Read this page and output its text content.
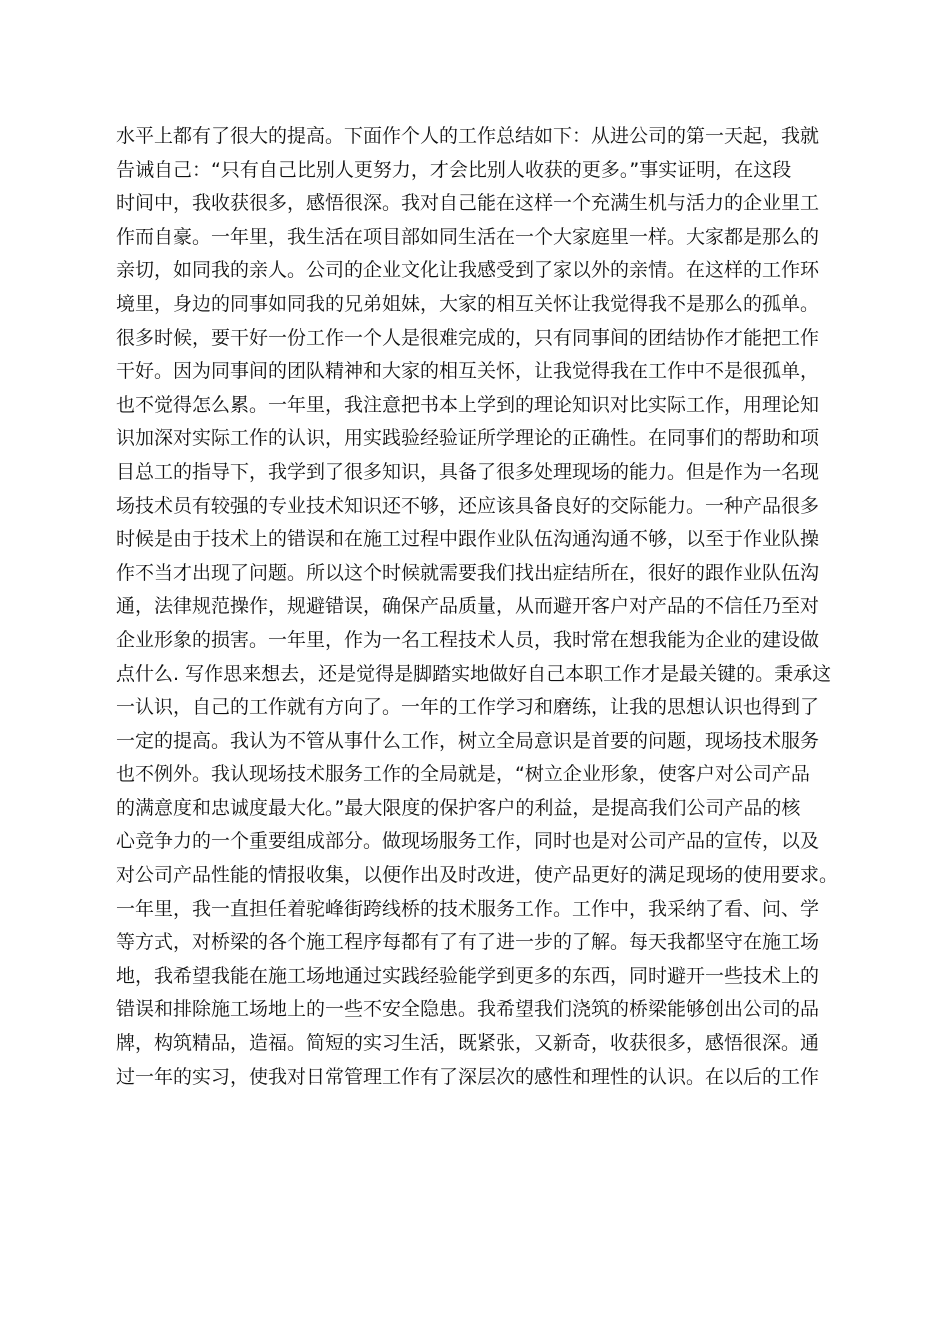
水平上都有了很大的提高。下面作个人的工作总结如下：从进公司的第一天起，我就
告诫自己：“只有自己比别人更努力，才会比别人收获的更多。”事实证明，在这段
时间中，我收获很多，感悟很深。我对自己能在这样一个充满生机与活力的企业里工
作而自豪。一年里，我生活在项目部如同生活在一个大家庭里一样。大家都是那么的
亲切，如同我的亲人。公司的企业文化让我感受到了家以外的亲情。在这样的工作环
境里，身边的同事如同我的兄弟姐妹，大家的相互关怀让我觉得我不是那么的孤单。
很多时候，要干好一份工作一个人是很难完成的，只有同事间的团结协作才能把工作
干好。因为同事间的团队精神和大家的相互关怀，让我觉得我在工作中不是很孤单，
也不觉得怎么累。一年里，我注意把书本上学到的理论知识对比实际工作，用理论知
识加深对实际工作的认识，用实践验经验证所学理论的正确性。在同事们的帮助和项
目总工的指导下，我学到了很多知识，具备了很多处理现场的能力。但是作为一名现
场技术员有较强的专业技术知识还不够，还应该具备良好的交际能力。一种产品很多
时候是由于技术上的错误和在施工过程中跟作业队伍沟通沟通不够，以至于作业队操
作不当才出现了问题。所以这个时候就需要我们找出症结所在，很好的跟作业队伍沟
通，法律规范操作，规避错误，确保产品质量，从而避开客户对产品的不信任乃至对
企业形象的损害。一年里，作为一名工程技术人员，我时常在想我能为企业的建设做
点什么. 写作思来想去，还是觉得是脚踏实地做好自己本职工作才是最关键的。秉承这
一认识，自己的工作就有方向了。一年的工作学习和磨练，让我的思想认识也得到了
一定的提高。我认为不管从事什么工作，树立全局意识是首要的问题，现场技术服务
也不例外。我认现场技术服务工作的全局就是，“树立企业形象，使客户对公司产品
的满意度和忠诚度最大化。”最大限度的保护客户的利益，是提高我们公司产品的核
心竞争力的一个重要组成部分。做现场服务工作，同时也是对公司产品的宣传，以及
对公司产品性能的情报收集，以便作出及时改进，使产品更好的满足现场的使用要求。
一年里，我一直担任着驼峰街跨线桥的技术服务工作。工作中，我采纳了看、问、学
等方式，对桥梁的各个施工程序每都有了有了进一步的了解。每天我都坚守在施工场
地，我希望我能在施工场地通过实践经验能学到更多的东西，同时避开一些技术上的
错误和排除施工场地上的一些不安全隐患。我希望我们浇筑的桥梁能够创出公司的品
牌，构筑精品，造福。简短的实习生活，既紧张，又新奇，收获很多，感悟很深。通
过一年的实习，使我对日常管理工作有了深层次的感性和理性的认识。在以后的工作
